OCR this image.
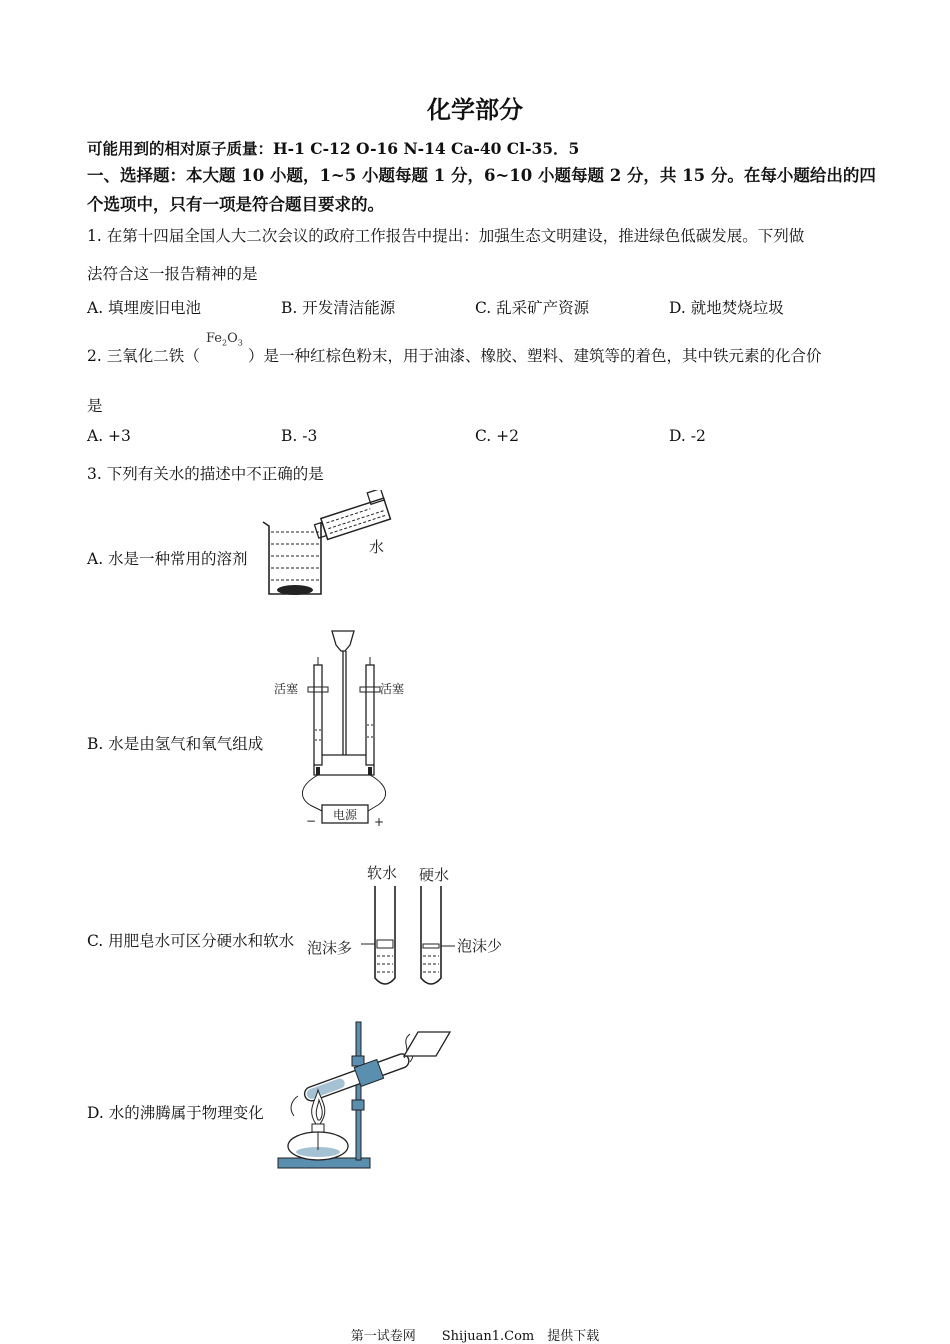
化学部分
可能用到的相对原子质量：H-1 C-12 O-16 N-14 Ca-40 Cl-35．5
一、选择题：本大题 10 小题，1~5 小题每题 1 分，6~10 小题每题 2 分，共 15 分。在每小题给出的四个选项中，只有一项是符合题目要求的。
1. 在第十四届全国人大二次会议的政府工作报告中提出：加强生态文明建设，推进绿色低碳发展。下列做
法符合这一报告精神的是
A. 填埋废旧电池	B. 开发清洁能源	C. 乱采矿产资源	D. 就地焚烧垃圾
2. 三氧化二铁（
$Fe_2O_3$
）是一种红棕色粉末，用于油漆、橡胶、塑料、建筑等的着色，其中铁元素的化合价
是
A. +3	B. -3	C. +2	D. -2
3. 下列有关水的描述中不正确的是
A. 水是一种常用的溶剂
水
B. 水是由氢气和氧气组成
电源
−	+
活塞	活塞
C. 用肥皂水可区分硬水和软水
软水 硬水
泡沫多	泡沫少
D. 水的沸腾属于物理变化
第一试卷网　　Shijuan1.Com　提供下载
